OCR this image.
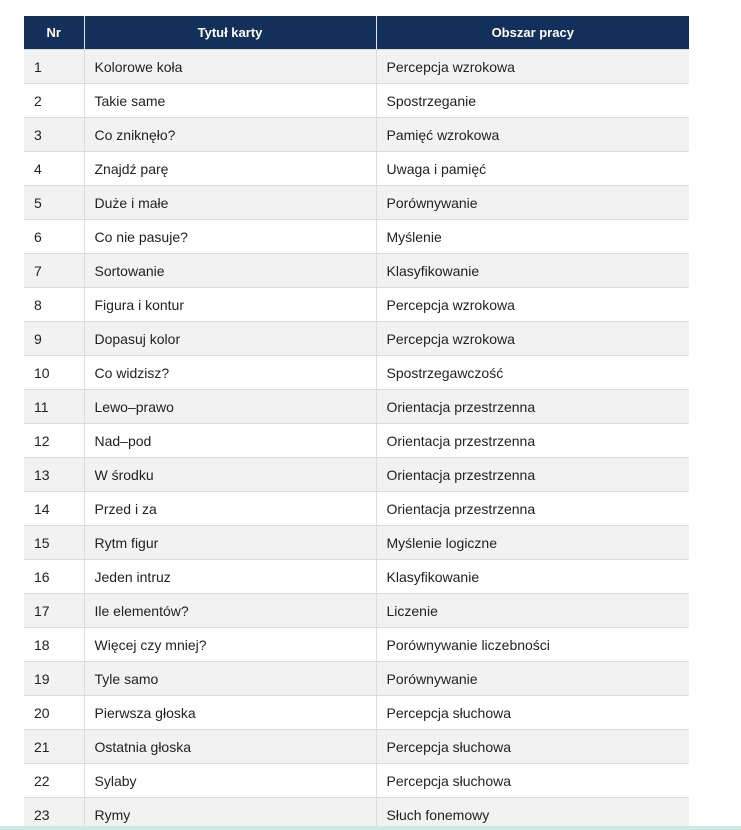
Nr	Tytuł karty	Obszar pracy
1	Kolorowe koła	Percepcja wzrokowa
2	Takie same	Spostrzeganie
3	Co zniknęło?	Pamięć wzrokowa
4	Znajdź parę	Uwaga i pamięć
5	Duże i małe	Porównywanie
6	Co nie pasuje?	Myślenie
7	Sortowanie	Klasyfikowanie
8	Figura i kontur	Percepcja wzrokowa
9	Dopasuj kolor	Percepcja wzrokowa
10	Co widzisz?	Spostrzegawczość
11	Lewo–prawo	Orientacja przestrzenna
12	Nad–pod	Orientacja przestrzenna
13	W środku	Orientacja przestrzenna
14	Przed i za	Orientacja przestrzenna
15	Rytm figur	Myślenie logiczne
16	Jeden intruz	Klasyfikowanie
17	Ile elementów?	Liczenie
18	Więcej czy mniej?	Porównywanie liczebności
19	Tyle samo	Porównywanie
20	Pierwsza głoska	Percepcja słuchowa
21	Ostatnia głoska	Percepcja słuchowa
22	Sylaby	Percepcja słuchowa
23	Rymy	Słuch fonemowy
